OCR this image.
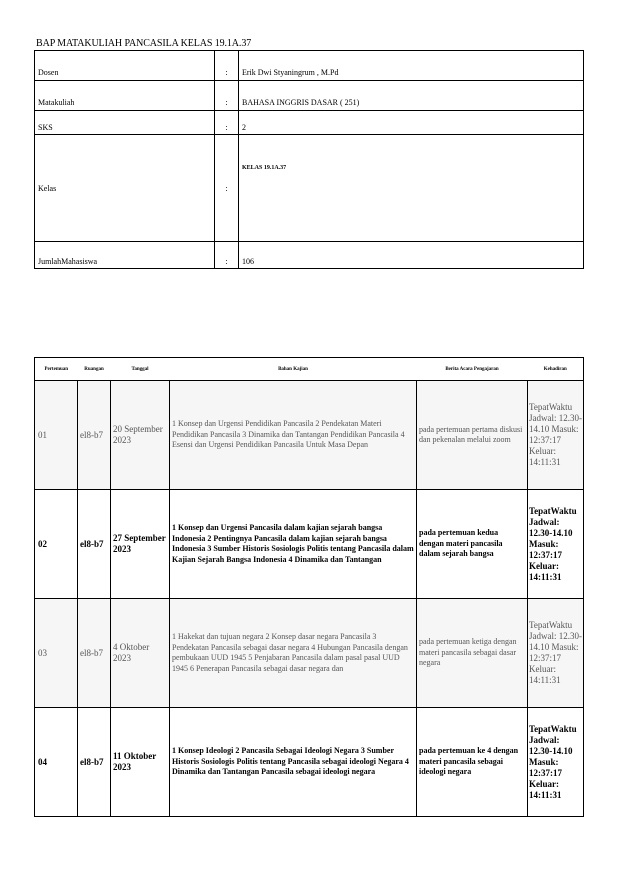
BAP MATAKULIAH PANCASILA KELAS 19.1A.37
Dosen	:	Erik Dwi Styaningrum , M.Pd
Matakuliah	:	BAHASA INGGRIS DASAR ( 251)
SKS	:	2
Kelas	:	$^{KELAS 19.1A.37}$
JumlahMahasiswa	:	106
Pertemuan	Ruangan	Tanggal	Bahan Kajian	Berita Acara Pengajaran	Kehadiran
01	el8-b7	20 September 2023	1 Konsep dan Urgensi Pendidikan Pancasila 2 Pendekatan Materi Pendidikan Pancasila 3 Dinamika dan Tantangan Pendidikan Pancasila 4 Esensi dan Urgensi Pendidikan Pancasila Untuk Masa Depan	pada pertemuan pertama diskusi dan pekenalan melalui zoom	TepatWaktu Jadwal: 12.30-14.10 Masuk: 12:37:17 Keluar: 14:11:31
02	el8-b7	27 September 2023	1 Konsep dan Urgensi Pancasila dalam kajian sejarah bangsa Indonesia 2 Pentingnya Pancasila dalam kajian sejarah bangsa Indonesia 3 Sumber Historis Sosiologis Politis tentang Pancasila dalam Kajian Sejarah Bangsa Indonesia 4 Dinamika dan Tantangan	pada pertemuan kedua dengan materi pancasila dalam sejarah bangsa	TepatWaktu Jadwal: 12.30-14.10 Masuk: 12:37:17 Keluar: 14:11:31
03	el8-b7	4 Oktober 2023	1 Hakekat dan tujuan negara 2 Konsep dasar negara Pancasila 3 Pendekatan Pancasila sebagai dasar negara 4 Hubungan Pancasila dengan pembukaan UUD 1945 5 Penjabaran Pancasila dalam pasal pasal UUD 1945 6 Penerapan Pancasila sebagai dasar negara dan	pada pertemuan ketiga dengan materi pancasila sebagai dasar negara	TepatWaktu Jadwal: 12.30-14.10 Masuk: 12:37:17 Keluar: 14:11:31
04	el8-b7	11 Oktober 2023	1 Konsep Ideologi 2 Pancasila Sebagai Ideologi Negara 3 Sumber Historis Sosiologis Politis tentang Pancasila sebagai ideologi Negara 4 Dinamika dan Tantangan Pancasila sebagai ideologi negara	pada pertemuan ke 4 dengan materi pancasila sebagai ideologi negara	TepatWaktu Jadwal: 12.30-14.10 Masuk: 12:37:17 Keluar: 14:11:31
